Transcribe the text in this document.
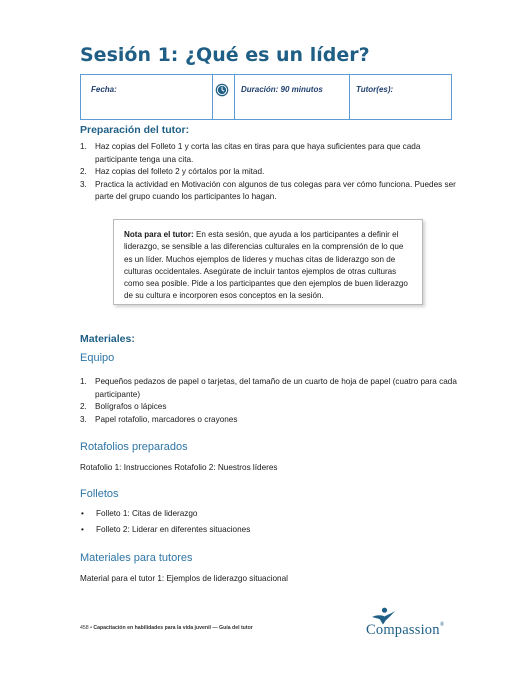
Sesión 1: ¿Qué es un líder?
Fecha:	Duración: 90 minutos	Tutor(es):
Preparación del tutor:
1. Haz copias del Folleto 1 y corta las citas en tiras para que haya suficientes para que cada participante tenga una cita.
2. Haz copias del folleto 2 y córtalos por la mitad.
3. Practica la actividad en Motivación con algunos de tus colegas para ver cómo funciona. Puedes ser parte del grupo cuando los participantes lo hagan.
Nota para el tutor: En esta sesión, que ayuda a los participantes a definir el liderazgo, se sensible a las diferencias culturales en la comprensión de lo que es un líder. Muchos ejemplos de líderes y muchas citas de liderazgo son de culturas occidentales. Asegúrate de incluir tantos ejemplos de otras culturas como sea posible. Pide a los participantes que den ejemplos de buen liderazgo de su cultura e incorporen esos conceptos en la sesión.
Materiales:
Equipo
1. Pequeños pedazos de papel o tarjetas, del tamaño de un cuarto de hoja de papel (cuatro para cada participante)
2. Bolígrafos o lápices
3. Papel rotafolio, marcadores o crayones
Rotafolios preparados

Rotafolio 1: Instrucciones Rotafolio 2: Nuestros líderes

Folletos
• Folleto 1: Citas de liderazgo
• Folleto 2: Liderar en diferentes situaciones
Materiales para tutores

Material para el tutor 1: Ejemplos de liderazgo situacional

458 • Capacitación en habilidades para la vida juvenil — Guía del tutor	Compassion®
